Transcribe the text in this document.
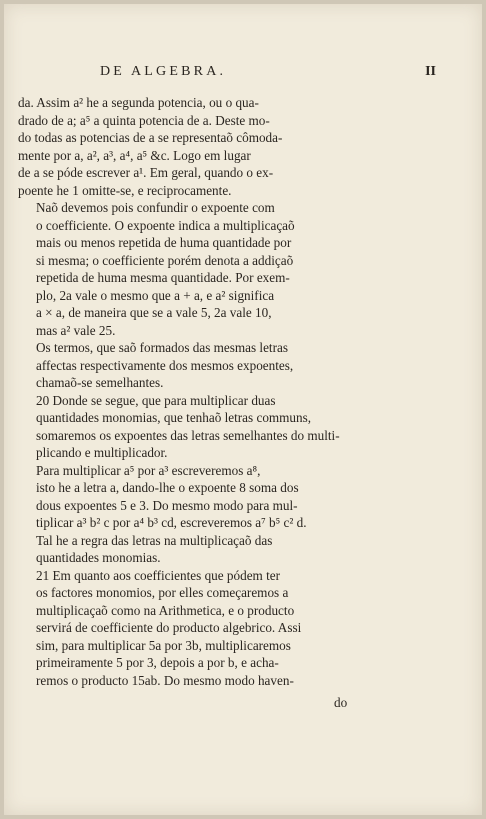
DE ALGEBRA.	II
da. Assim a² he a segunda potencia, ou o qua-
drado de a; a⁵ a quinta potencia de a. Deste mo-
do todas as potencias de a se representaõ cômoda-
mente por a, a², a³, a⁴, a⁵ &c. Logo em lugar
de a se póde escrever a¹. Em geral, quando o ex-
poente he 1 omitte-se, e reciprocamente.
Naõ devemos pois confundir o expoente com
o coefficiente. O expoente indica a multiplicaçaõ
mais ou menos repetida de huma quantidade por
si mesma; o coefficiente porém denota a addiçaõ
repetida de huma mesma quantidade. Por exem-
plo, 2a vale o mesmo que a + a, e a² significa
a × a, de maneira que se a vale 5, 2a vale 10,
mas a² vale 25.
Os termos, que saõ formados das mesmas letras
affectas respectivamente dos mesmos expoentes,
chamaõ-se semelhantes.
20 Donde se segue, que para multiplicar duas
quantidades monomias, que tenhaõ letras communs,
somaremos os expoentes das letras semelhantes do multi-
plicando e multiplicador.
Para multiplicar a⁵ por a³ escreveremos a⁸,
isto he a letra a, dando-lhe o expoente 8 soma dos
dous expoentes 5 e 3. Do mesmo modo para mul-
tiplicar a³ b² c por a⁴ b³ cd, escreveremos a⁷ b⁵ c² d.
Tal he a regra das letras na multiplicaçaõ das
quantidades monomias.
21 Em quanto aos coefficientes que pódem ter
os factores monomios, por elles começaremos a
multiplicaçaõ como na Arithmetica, e o producto
servirá de coefficiente do producto algebrico. Assi
sim, para multiplicar 5a por 3b, multiplicaremos
primeiramente 5 por 3, depois a por b, e acha-
remos o producto 15ab. Do mesmo modo haven-
do
